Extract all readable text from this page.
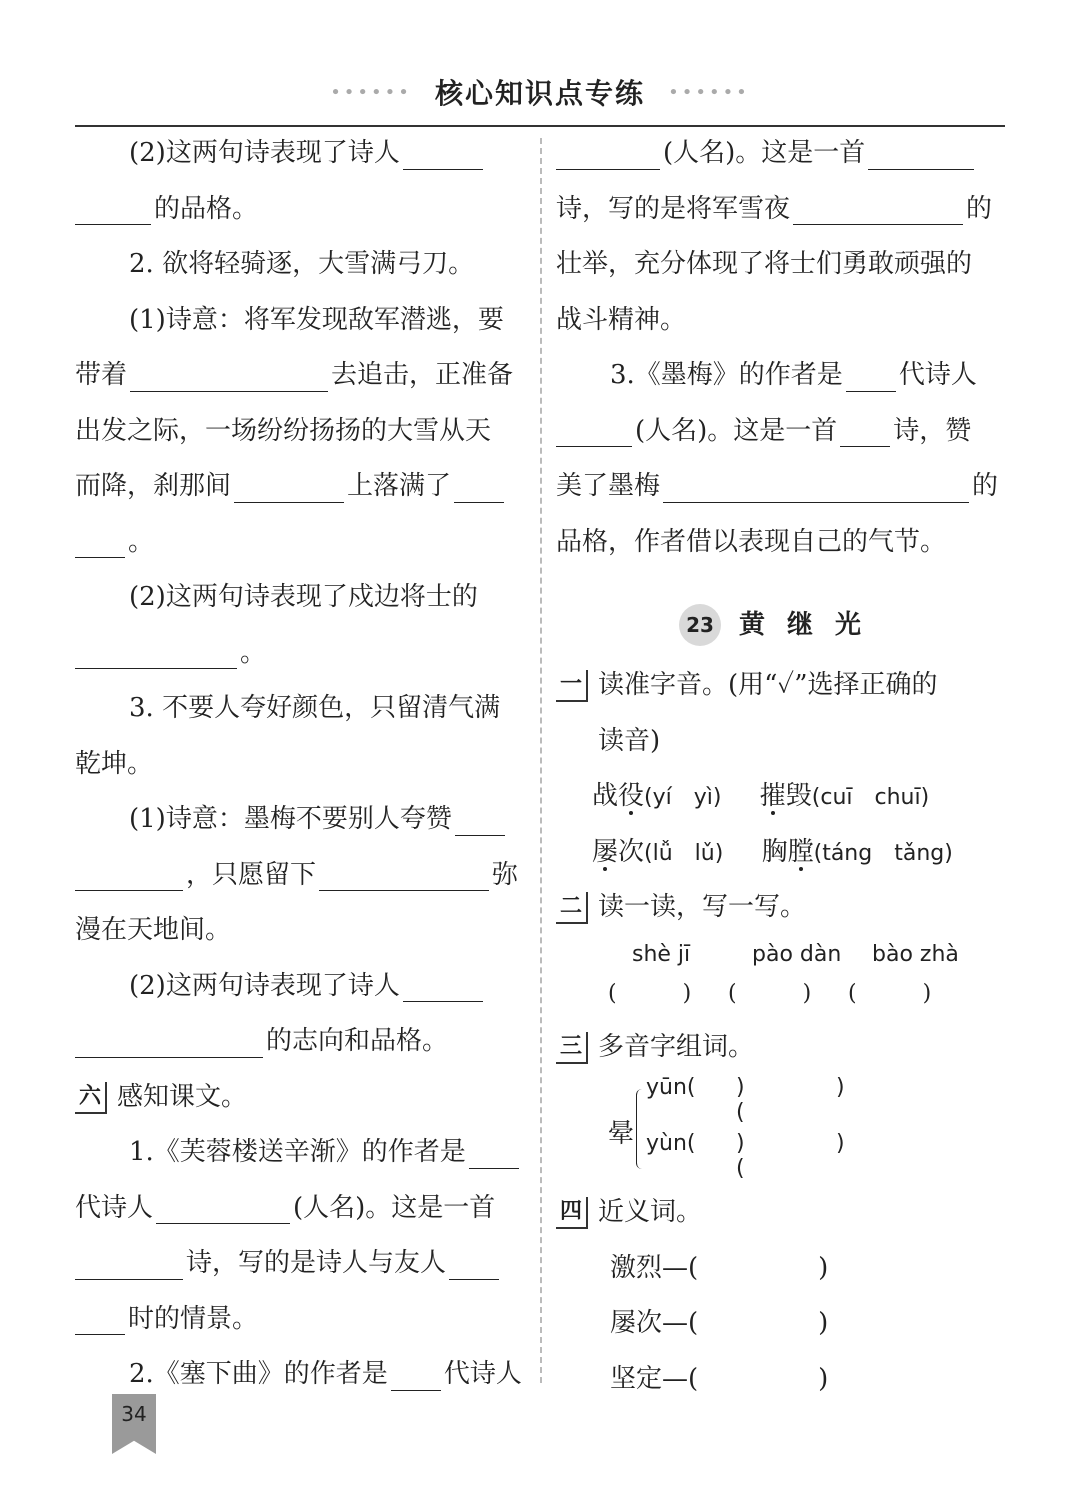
•••••• 核心知识点专练 ••••••
(2)这两句诗表现了诗人
的品格。
2. 欲将轻骑逐，大雪满弓刀。
(1)诗意：将军发现敌军潜逃，要
带着	去追击，正准备
出发之际，一场纷纷扬扬的大雪从天
而降，刹那间	上落满了
。
(2)这两句诗表现了戍边将士的
。
3. 不要人夸好颜色，只留清气满
乾坤。
(1)诗意：墨梅不要别人夸赞
，只愿留下	弥
漫在天地间。
(2)这两句诗表现了诗人
的志向和品格。
六 感知课文。
1.《芙蓉楼送辛渐》的作者是
代诗人	(人名)。这是一首
诗，写的是诗人与友人
时的情景。
2.《塞下曲》的作者是 代诗人
(人名)。这是一首
诗，写的是将军雪夜	的
壮举，充分体现了将士们勇敢顽强的
战斗精神。
3.《墨梅》的作者是 代诗人
(人名)。这是一首 诗，赞
美了墨梅	的
品格，作者借以表现自己的气节。
23 黄继光
一 读准字音。(用“✓”选择正确的
读音)
战役(yí　yì) 摧毁(cuī　chuī)
屡次(lǚ　lǔ) 胸膛(táng　tǎng)
二 读一读，写一写。
shè jī	pào dàn bào zhà
(　　　) (　　　) (　　　)
三 多音字组词。
晕
yūn( )(
)
yùn( )(
)
四 近义词。
激烈—(	)
屡次—(	)
坚定—(	)
34
